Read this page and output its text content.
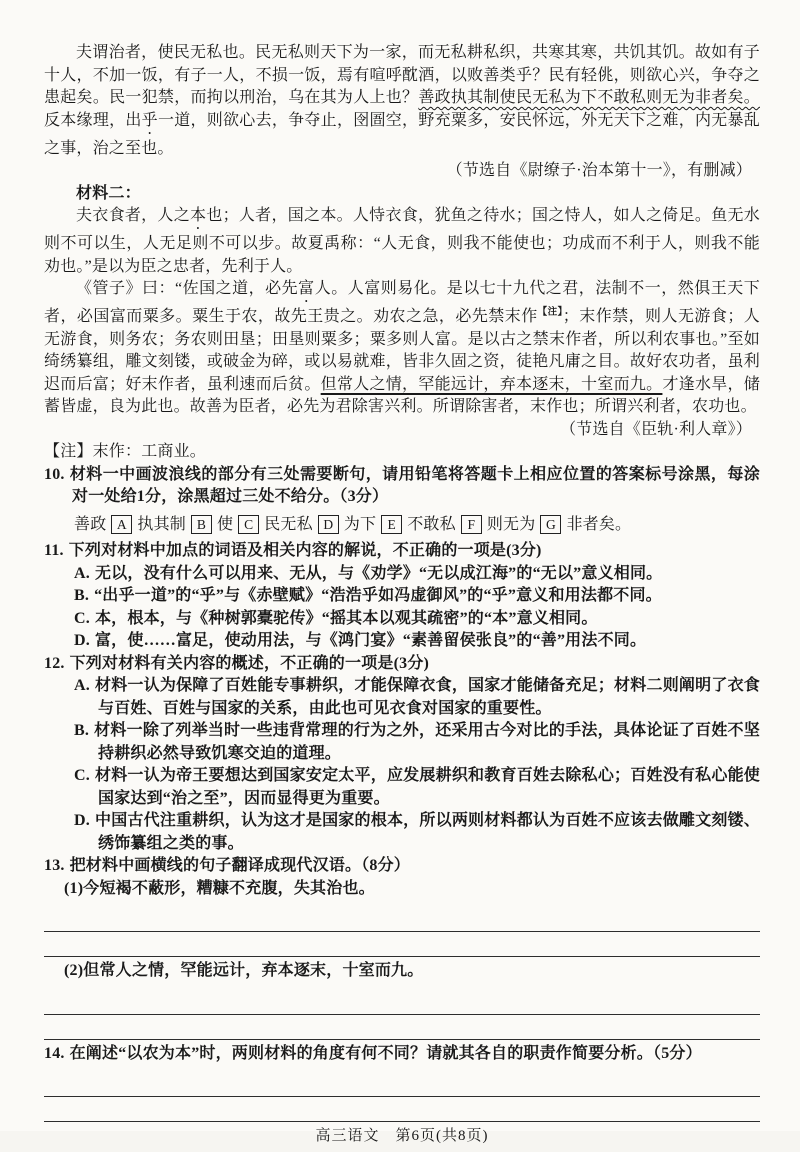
夫谓治者，使民无私也。民无私则天下为一家，而无私耕私织，共寒其寒，共饥其饥。故如有子十人，不加一饭，有子一人，不损一饭，焉有喧呼酖酒，以败善类乎？民有轻佻，则欲心兴，争夺之患起矣。民一犯禁，而拘以刑治，乌在其为人上也？善政执其制使民无私为下不敢私则无为非者矣。反本缘理，出乎一道，则欲心去，争夺止，囹圄空，野充粟多，安民怀远，外无天下之难，内无暴乱之事，治之至也。

（节选自《尉缭子·治本第十一》，有删减）

材料二：

夫衣食者，人之本也；人者，国之本。人恃衣食，犹鱼之待水；国之恃人，如人之倚足。鱼无水则不可以生，人无足则不可以步。故夏禹称：“人无食，则我不能使也；功成而不利于人，则我不能劝也。”是以为臣之忠者，先利于人。

《管子》曰：“佐国之道，必先富人。人富则易化。是以七十九代之君，法制不一，然俱王天下者，必国富而粟多。粟生于农，故先王贵之。劝农之急，必先禁末作$^{【注】}$；末作禁，则人无游食；人无游食，则务农；务农则田垦；田垦则粟多；粟多则人富。是以古之禁末作者，所以利农事也。”至如绮绣纂组，雕文刻镂，或破金为碎，或以易就难，皆非久固之资，徒艳凡庸之目。故好农功者，虽利迟而后富；好末作者，虽利速而后贫。但常人之情，罕能远计，弃本逐末，十室而九。才逢水旱，储蓄皆虚，良为此也。故善为臣者，必先为君除害兴利。所谓除害者，末作也；所谓兴利者，农功也。

（节选自《臣轨·利人章》）

【注】末作：工商业。

10. 材料一中画波浪线的部分有三处需要断句，请用铅笔将答题卡上相应位置的答案标号涂黑，每涂对一处给1分，涂黑超过三处不给分。（3分）

善政 A 执其制 B 使 C 民无私 D 为下 E 不敢私 F 则无为 G 非者矣。

11. 下列对材料中加点的词语及相关内容的解说，不正确的一项是(3分)

A. 无以，没有什么可以用来、无从，与《劝学》“无以成江海”的“无以”意义相同。

B. “出乎一道”的“乎”与《赤壁赋》“浩浩乎如冯虚御风”的“乎”意义和用法都不同。

C. 本，根本，与《种树郭橐驼传》“摇其本以观其疏密”的“本”意义相同。

D. 富，使……富足，使动用法，与《鸿门宴》“素善留侯张良”的“善”用法不同。

12. 下列对材料有关内容的概述，不正确的一项是(3分)

A. 材料一认为保障了百姓能专事耕织，才能保障衣食，国家才能储备充足；材料二则阐明了衣食与百姓、百姓与国家的关系，由此也可见衣食对国家的重要性。

B. 材料一除了列举当时一些违背常理的行为之外，还采用古今对比的手法，具体论证了百姓不坚持耕织必然导致饥寒交迫的道理。

C. 材料一认为帝王要想达到国家安定太平，应发展耕织和教育百姓去除私心；百姓没有私心能使国家达到“治之至”，因而显得更为重要。

D. 中国古代注重耕织，认为这才是国家的根本，所以两则材料都认为百姓不应该去做雕文刻镂、绣饰纂组之类的事。

13. 把材料中画横线的句子翻译成现代汉语。（8分）

(1)今短褐不蔽形，糟糠不充腹，失其治也。

(2)但常人之情，罕能远计，弃本逐末，十室而九。

14. 在阐述“以农为本”时，两则材料的角度有何不同？请就其各自的职责作简要分析。（5分）

高三语文　第6页(共8页)
